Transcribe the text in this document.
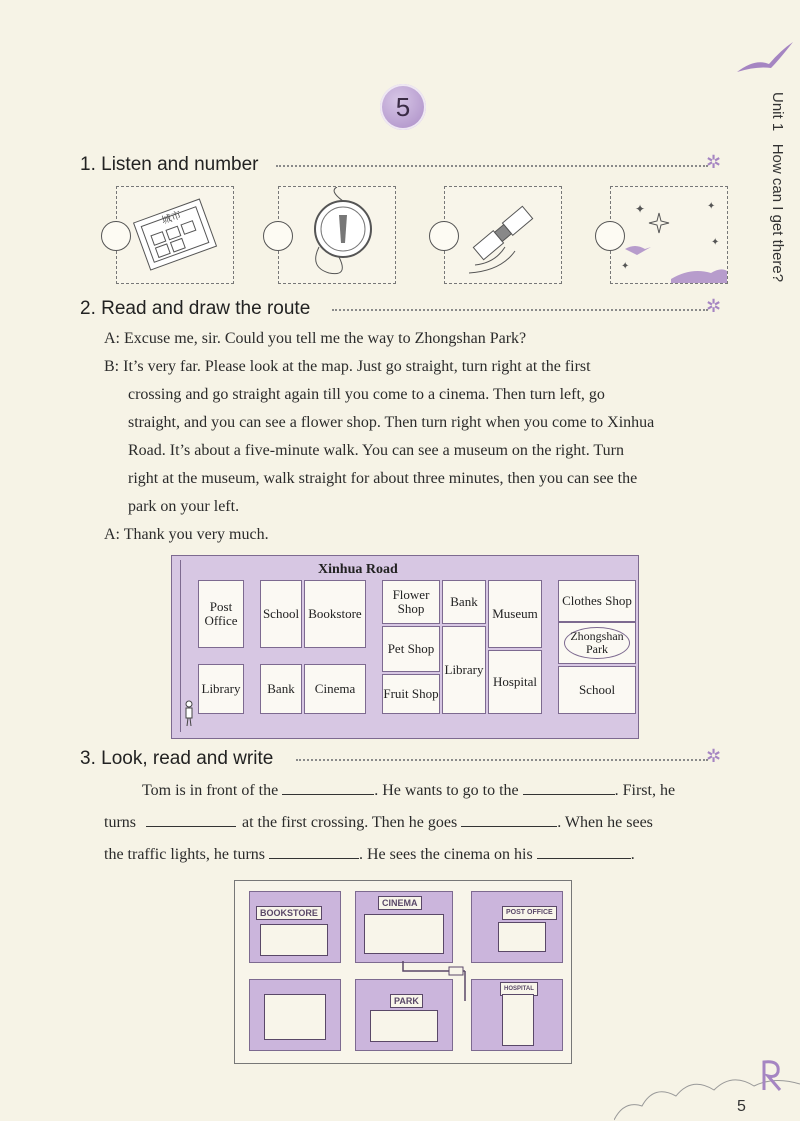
5	Unit 1   How can I get there?
1. Listen and number	✲
城市
✦	✦
✦
✦
2. Read and draw the route	✲

A: Excuse me, sir. Could you tell me the way to Zhongshan Park?

B: It’s very far. Please look at the map. Just go straight, turn right at the first

crossing and go straight again till you come to a cinema. Then turn left, go

straight, and you can see a flower shop. Then turn right when you come to Xinhua

Road. It’s about a five-minute walk. You can see a museum on the right. Turn

right at the museum, walk straight for about three minutes, then you can see the

park on your left.

A: Thank you very much.

Xinhua Road
Post Office	School Bookstore
Flower Shop	Bank
Museum
Clothes Shop
Zhongshan Park
Pet Shop
Library
Hospital
School
Library	Bank	Cinema	Fruit Shop
3. Look, read and write	✲
Tom is in front of the	. He wants to go to the	. First, he
turns	at the first crossing. Then he goes	. When he sees
the traffic lights, he turns	. He sees the cinema on his	.
BOOKSTORE
CINEMA
POST OFFICE
PARK
HOSPITAL
5
